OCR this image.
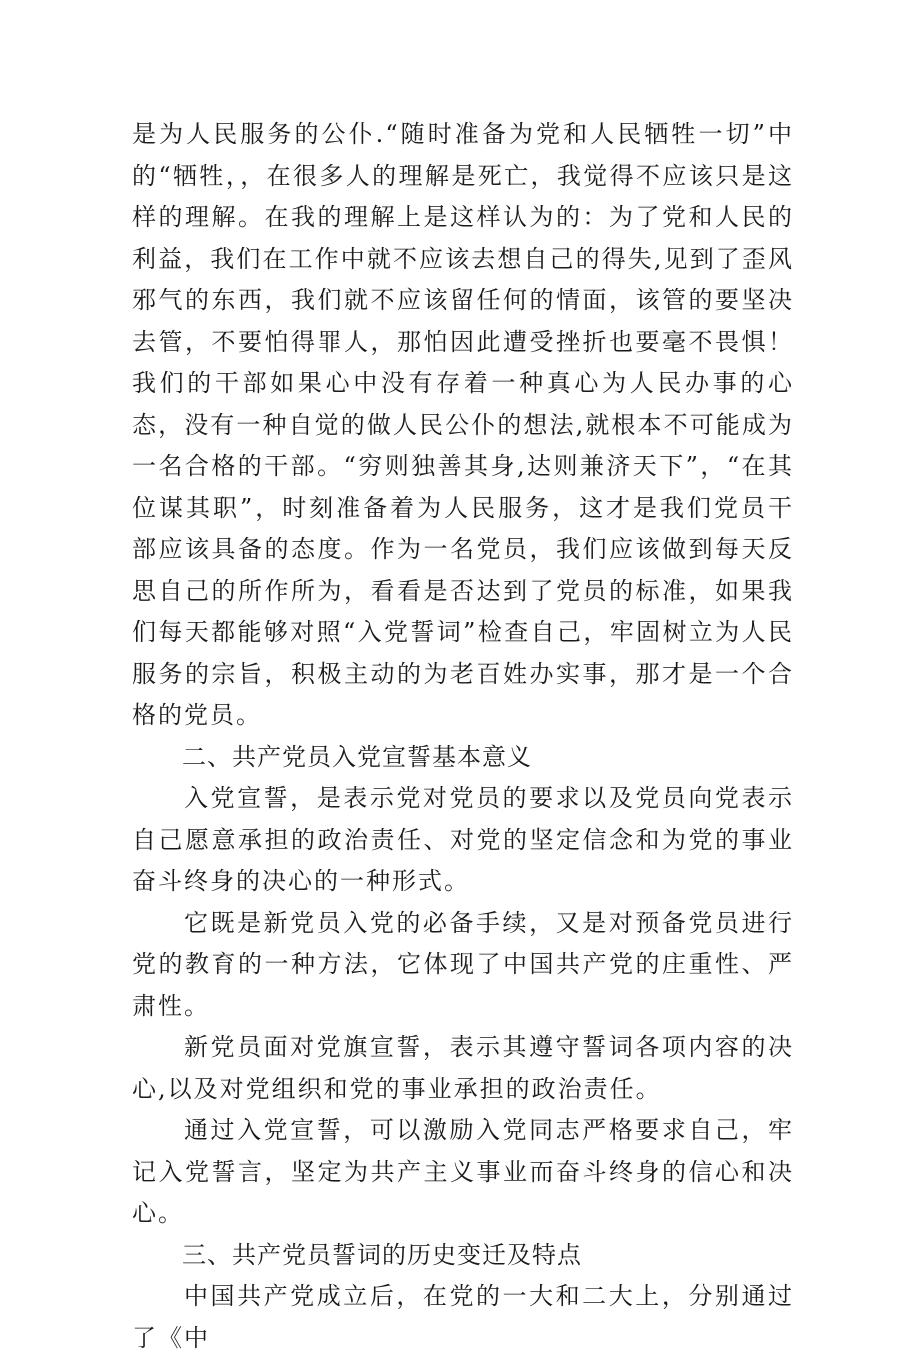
是为人民服务的公仆.“随时准备为党和人民牺牲一切”中的“牺牲，，在很多人的理解是死亡，我觉得不应该只是这样的理解。在我的理解上是这样认为的：为了党和人民的利益，我们在工作中就不应该去想自己的得失,见到了歪风邪气的东西，我们就不应该留任何的情面，该管的要坚决去管，不要怕得罪人，那怕因此遭受挫折也要毫不畏惧！我们的干部如果心中没有存着一种真心为人民办事的心态，没有一种自觉的做人民公仆的想法,就根本不可能成为一名合格的干部。“穷则独善其身,达则兼济天下”，“在其位谋其职”，时刻准备着为人民服务，这才是我们党员干部应该具备的态度。作为一名党员，我们应该做到每天反思自己的所作所为，看看是否达到了党员的标准，如果我们每天都能够对照“入党誓词”检查自己，牢固树立为人民服务的宗旨，积极主动的为老百姓办实事，那才是一个合格的党员。

二、共产党员入党宣誓基本意义

入党宣誓，是表示党对党员的要求以及党员向党表示自己愿意承担的政治责任、对党的坚定信念和为党的事业奋斗终身的决心的一种形式。

它既是新党员入党的必备手续，又是对预备党员进行党的教育的一种方法，它体现了中国共产党的庄重性、严肃性。

新党员面对党旗宣誓，表示其遵守誓词各项内容的决心,以及对党组织和党的事业承担的政治责任。

通过入党宣誓，可以激励入党同志严格要求自己，牢记入党誓言，坚定为共产主义事业而奋斗终身的信心和决心。

三、共产党员誓词的历史变迁及特点

中国共产党成立后，在党的一大和二大上，分别通过了《中
